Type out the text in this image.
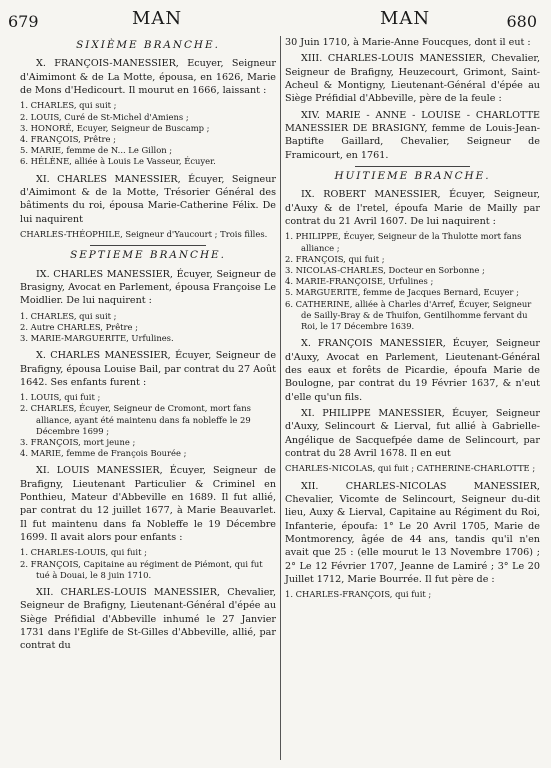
679	MAN	MAN	680
SIXIÈME BRANCHE.

X. FRANÇOIS-MANESSIER, Ecuyer, Seigneur d'Aimimont & de La Motte, épousa, en 1626, Marie de Mons d'Hedicourt. Il mourut en 1666, laissant :

1. CHARLES, qui suit ;
2. LOUIS, Curé de St-Michel d'Amiens ;
3. HONORÉ, Ecuyer, Seigneur de Buscamp ;
4. FRANÇOIS, Prêtre ;
5. MARIE, femme de N... Le Gillon ;
6. HÉLÈNE, alliée à Louis Le Vasseur, Écuyer.

XI. CHARLES MANESSIER, Écuyer, Seigneur d'Aimimont & de la Motte, Trésorier Général des bâtiments du roi, épousa Marie-Catherine Félix. De lui naquirent

CHARLES-THÉOPHILE, Seigneur d'Yaucourt ; Trois filles.
SEPTIEME BRANCHE.

IX. CHARLES MANESSIER, Écuyer, Seigneur de Brasigny, Avocat en Parlement, épousa Françoise Le Moidlier. De lui naquirent :

1. CHARLES, qui suit ;
2. Autre CHARLES, Prêtre ;
3. MARIE-MARGUERITE, Urfulines.

X. CHARLES MANESSIER, Écuyer, Seigneur de Brafigny, épousa Louise Bail, par contrat du 27 Août 1642. Ses enfants furent :

1. LOUIS, qui fuit ;
2. CHARLES, Écuyer, Seigneur de Cromont, mort fans alliance, ayant été maintenu dans fa nobleffe le 29 Décembre 1699 ;
3. FRANÇOIS, mort jeune ;
4. MARIE, femme de François Bourée ;

XI. LOUIS MANESSIER, Écuyer, Seigneur de Brafigny, Lieutenant Particulier & Criminel en Ponthieu, Mateur d'Abbeville en 1689. Il fut allié, par contrat du 12 juillet 1677, à Marie Beauvarlet. Il fut maintenu dans fa Nobleffe le 19 Décembre 1699. Il avait alors pour enfants :

1. CHARLES-LOUIS, qui fuit ;
2. FRANÇOIS, Capitaine au régiment de Piémont, qui fut tué à Douai, le 8 juin 1710.

XII. CHARLES-LOUIS MANESSIER, Chevalier, Seigneur de Brafigny, Lieutenant-Général d'épée au Siège Préfidial d'Abbeville inhumé le 27 Janvier 1731 dans l'Eglife de St-Gilles d'Abbeville, allié, par contrat du

30 Juin 1710, à Marie-Anne Foucques, dont il eut :

XIII. CHARLES-LOUIS MANESSIER, Chevalier, Seigneur de Brafigny, Heuzecourt, Grimont, Saint-Acheul & Montigny, Lieutenant-Général d'épée au Siège Préfidial d'Abbeville, père de la feule :

XIV. MARIE - ANNE - LOUISE - CHARLOTTE MANESSIER DE BRASIGNY, femme de Louis-Jean-Baptifte Gaillard, Chevalier, Seigneur de Framicourt, en 1761.

HUITIEME BRANCHE.

IX. ROBERT MANESSIER, Écuyer, Seigneur, d'Auxy & de l'retel, époufa Marie de Mailly par contrat du 21 Avril 1607. De lui naquirent :

1. PHILIPPE, Écuyer, Seigneur de la Thulotte mort fans alliance ;
2. FRANÇOIS, qui fuit ;
3. NICOLAS-CHARLES, Docteur en Sorbonne ;
4. MARIE-FRANÇOISE, Urfulines ;
5. MARGUERITE, femme de Jacques Bernard, Ecuyer ;
6. CATHERINE, alliée à Charles d'Arref, Écuyer, Seigneur de Sailly-Bray & de Thuifon, Gentilhomme fervant du Roi, le 17 Décembre 1639.

X. FRANÇOIS MANESSIER, Écuyer, Seigneur d'Auxy, Avocat en Parlement, Lieutenant-Général des eaux et forêts de Picardie, époufa Marie de Boulogne, par contrat du 19 Février 1637, & n'eut d'elle qu'un fils.

XI. PHILIPPE MANESSIER, Écuyer, Seigneur d'Auxy, Selincourt & Lierval, fut allié à Gabrielle-Angélique de Sacquefpée dame de Selincourt, par contrat du 28 Avril 1678. Il en eut

CHARLES-NICOLAS, qui fuit ; CATHERINE-CHARLOTTE ;

XII. CHARLES-NICOLAS MANESSIER, Chevalier, Vicomte de Selincourt, Seigneur du-dit lieu, Auxy & Lierval, Capitaine au Régiment du Roi, Infanterie, époufa: 1° Le 20 Avril 1705, Marie de Montmorency, âgée de 44 ans, tandis qu'il n'en avait que 25 : (elle mourut le 13 Novembre 1706) ; 2° Le 12 Février 1707, Jeanne de Lamiré ; 3° Le 20 Juillet 1712, Marie Bourrée. Il fut père de :

1. CHARLES-FRANÇOIS, qui fuit ;
